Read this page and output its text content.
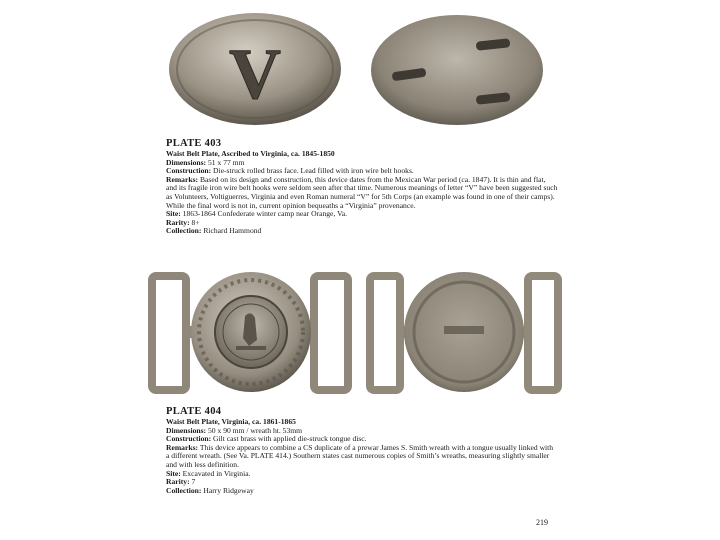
V

PLATE 403

Waist Belt Plate, Ascribed to Virginia, ca. 1845-1850

Dimensions: 51 x 77 mm

Construction: Die-struck rolled brass face. Lead filled with iron wire belt hooks.

Remarks: Based on its design and construction, this device dates from the Mexican War period (ca. 1847). It is thin and flat, and its fragile iron wire belt hooks were seldom seen after that time. Numerous meanings of letter “V” have been suggested such as Volunteers, Voltiguerres, Virginia and even Roman numeral “V” for 5th Corps (an example was found in one of their camps). While the final word is not in, current opinion bequeaths a “Virginia” provenance.

Site: 1863-1864 Confederate winter camp near Orange, Va.

Rarity: 8+

Collection: Richard Hammond

PLATE 404

Waist Belt Plate, Virginia, ca. 1861-1865

Dimensions: 50 x 90 mm / wreath ht. 53mm

Construction: Gilt cast brass with applied die-struck tongue disc.

Remarks: This device appears to combine a CS duplicate of a prewar James S. Smith wreath with a tongue usually linked with a different wreath. (See Va. PLATE 414.) Southern states cast numerous copies of Smith’s wreaths, measuring slightly smaller and with less definition.

Site: Excavated in Virginia.

Rarity: 7

Collection: Harry Ridgeway

219
